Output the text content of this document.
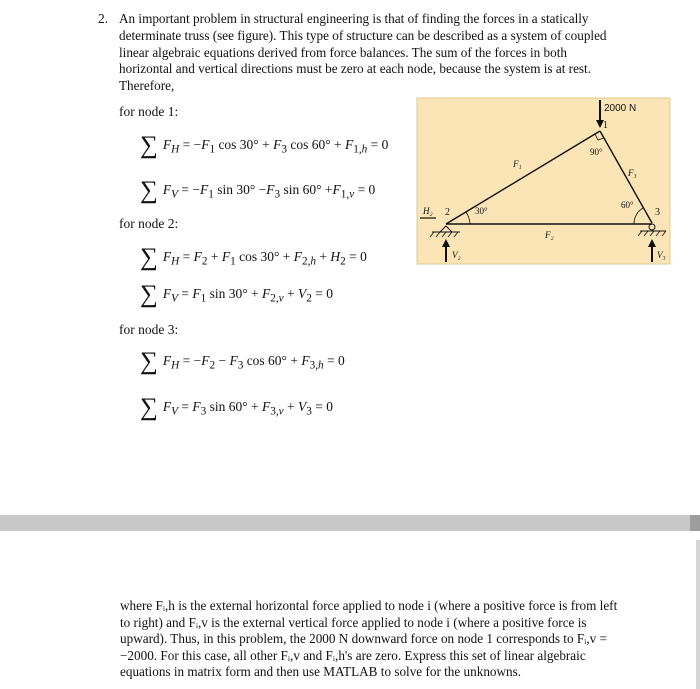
2. An important problem in structural engineering is that of finding the forces in a statically determinate truss (see figure). This type of structure can be described as a system of coupled linear algebraic equations derived from force balances. The sum of the forces in both horizontal and vertical directions must be zero at each node, because the system is at rest. Therefore,
for node 1:
∑ $F_H = -F_1$ $\cos 30^\circ + F_3$ $\cos 60^\circ + F_{1,h} = 0$
∑ $F_V = -F_1$ $\sin 30^\circ -F_3$ $\sin 60^\circ +F_{1,v} = 0$
for node 2:
∑ $F_H = F_2 + F_1$ $\cos 30^\circ + F_{2,h} + H_2 = 0$
∑ $F_V = F_1$ $\sin 30^\circ + F_{2,v} + V_2 = 0$
for node 3:
∑ $F_H = -F_2 - F_3$ $\cos 60^\circ + F_{3,h} = 0$
∑ $F_V = F_3$ $\sin 60^\circ + F_{3,v} + V_3 = 0$
2000 N
1
2	3
90°
30°
60°
F₁
F₂
F₃
H₂
V₂	V₃
where Fᵢ,h is the external horizontal force applied to node i (where a positive force is from left to right) and Fᵢ,v is the external vertical force applied to node i (where a positive force is upward). Thus, in this problem, the 2000 N downward force on node 1 corresponds to Fᵢ,v = −2000. For this case, all other Fᵢ,v and Fᵢ,h's are zero. Express this set of linear algebraic equations in matrix form and then use MATLAB to solve for the unknowns.
